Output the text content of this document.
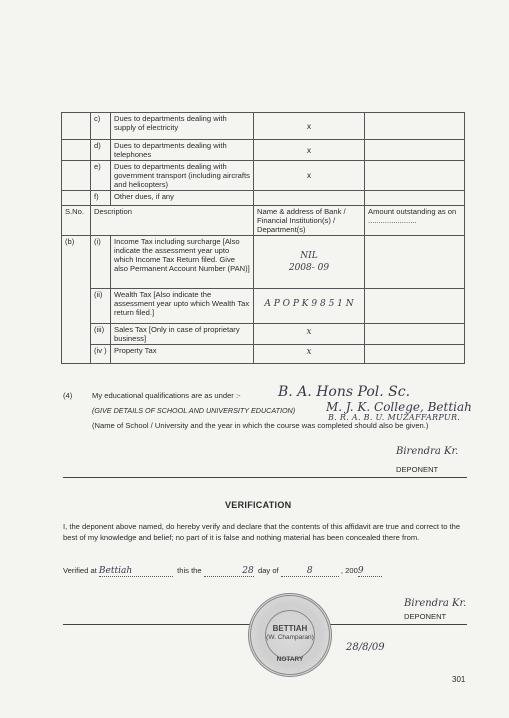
	c)	Dues to departments dealing with supply of electricity	x	
	d)	Dues to departments dealing with telephones	x	
	e)	Dues to departments dealing with government transport (including aircrafts and helicopters)	x	
	f)	Other dues, if any		
S.No.	Description		Name & address of Bank / Financial Institution(s) / Department(s)	Amount outstanding as on .......................
(b)	(i)	Income Tax including surcharge [Also indicate the assessment year upto which Income Tax Return filed. Give also Permanent Account Number (PAN)]	NIL
2008- 09	

	(ii)	Wealth Tax [Also indicate the assessment year upto which Wealth Tax return filed.]	A P O P K 9 8 5 1 N	

	(iii)	Sales Tax [Only in case of proprietary business]	x	

	(iv )	Property Tax	x	

(4)	My educational qualifications are as under :-	B. A. Hons Pol. Sc.
(GIVE DETAILS OF SCHOOL AND UNIVERSITY EDUCATION)	M. J. K. College, Bettiah
B. R. A. B. U. MUZAFFARPUR.
(Name of School / University and the year in which the course was completed should also be given.)
Birendra Kr.
DEPONENT
VERIFICATION
I, the deponent above named, do hereby verify and declare that the contents of this affidavit are true and correct to the best of my knowledge and belief; no part of it is false and nothing material has been concealed there from.
Verified at Bettiah	this the	28 day of	8	, 2009
Birendra Kr.
DEPONENT
BETTIAH
(W. Champaran)
NOTARY
28/8/09
301
